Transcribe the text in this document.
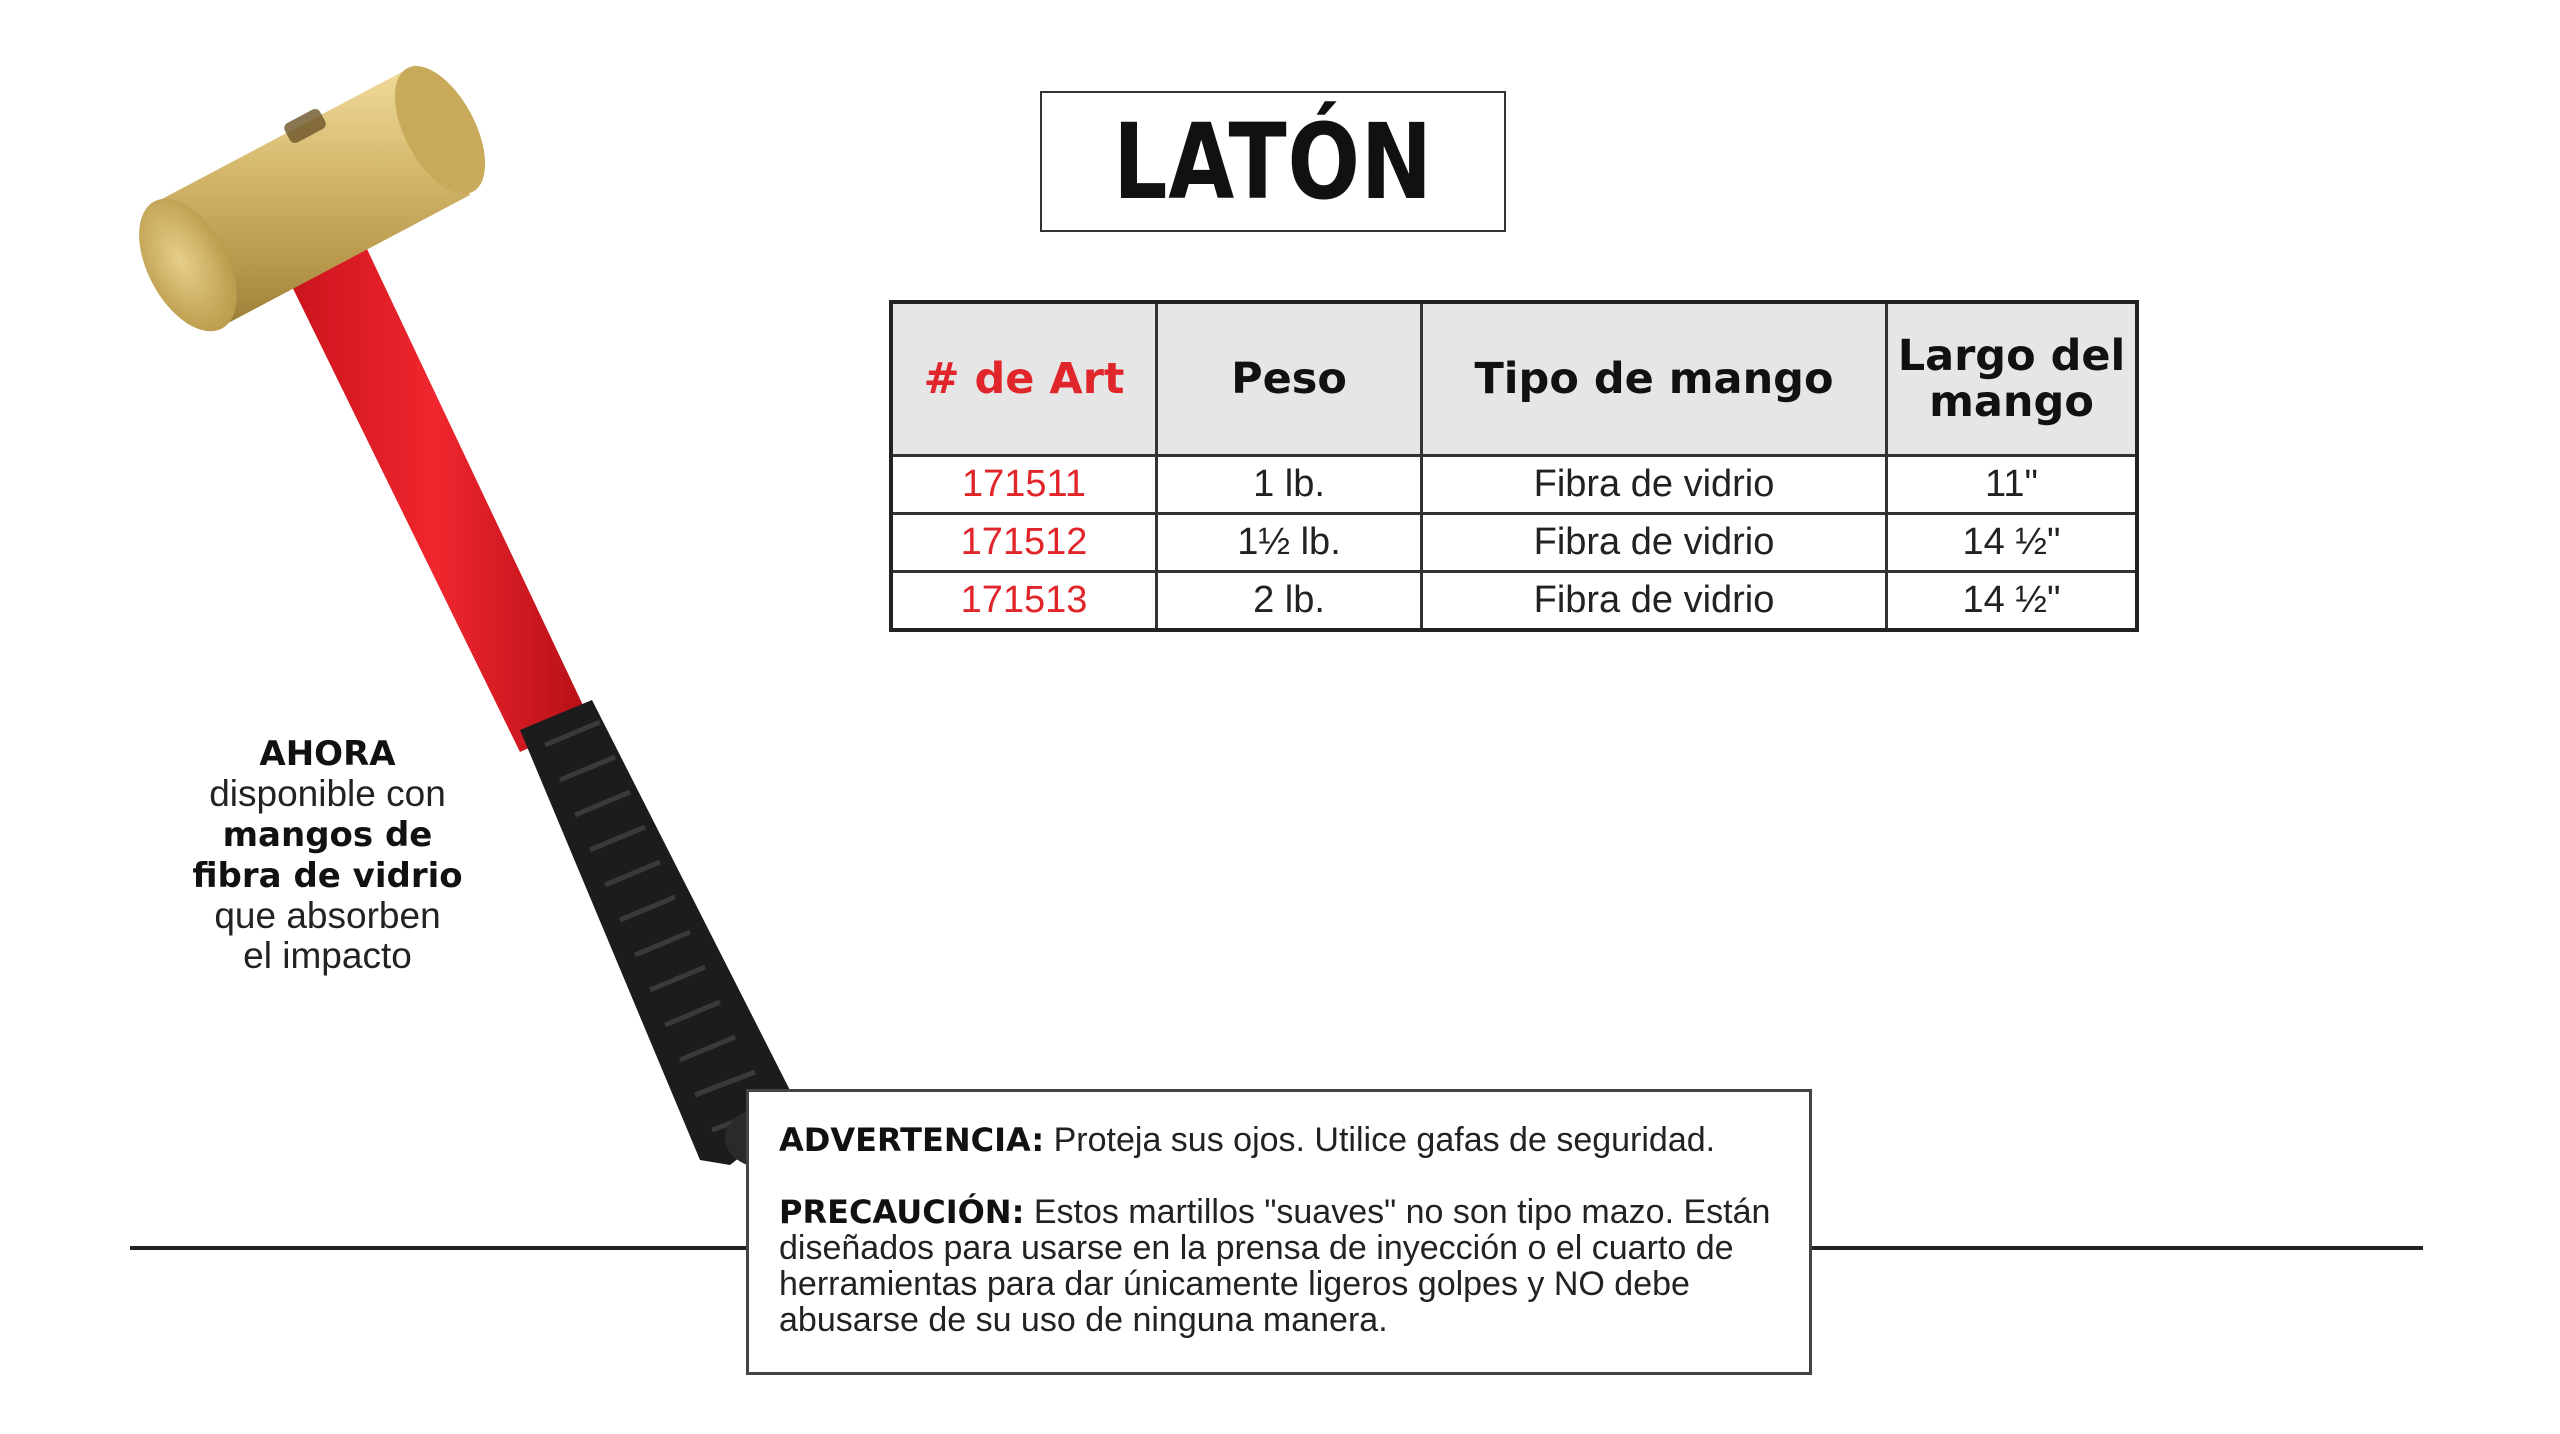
LATÓN
# de Art	Peso	Tipo de mango	Largo del mango
171511	1 lb.	Fibra de vidrio	11"
171512	1½ lb.	Fibra de vidrio	14 ½"
171513	2 lb.	Fibra de vidrio	14 ½"
AHORA
disponible con
mangos de
fibra de vidrio
que absorben
el impacto

ADVERTENCIA: Proteja sus ojos. Utilice gafas de seguridad.

PRECAUCIÓN: Estos martillos "suaves" no son tipo mazo. Están diseñados para usarse en la prensa de inyección o el cuarto de herramientas para dar únicamente ligeros golpes y NO debe abusarse de su uso de ninguna manera.
